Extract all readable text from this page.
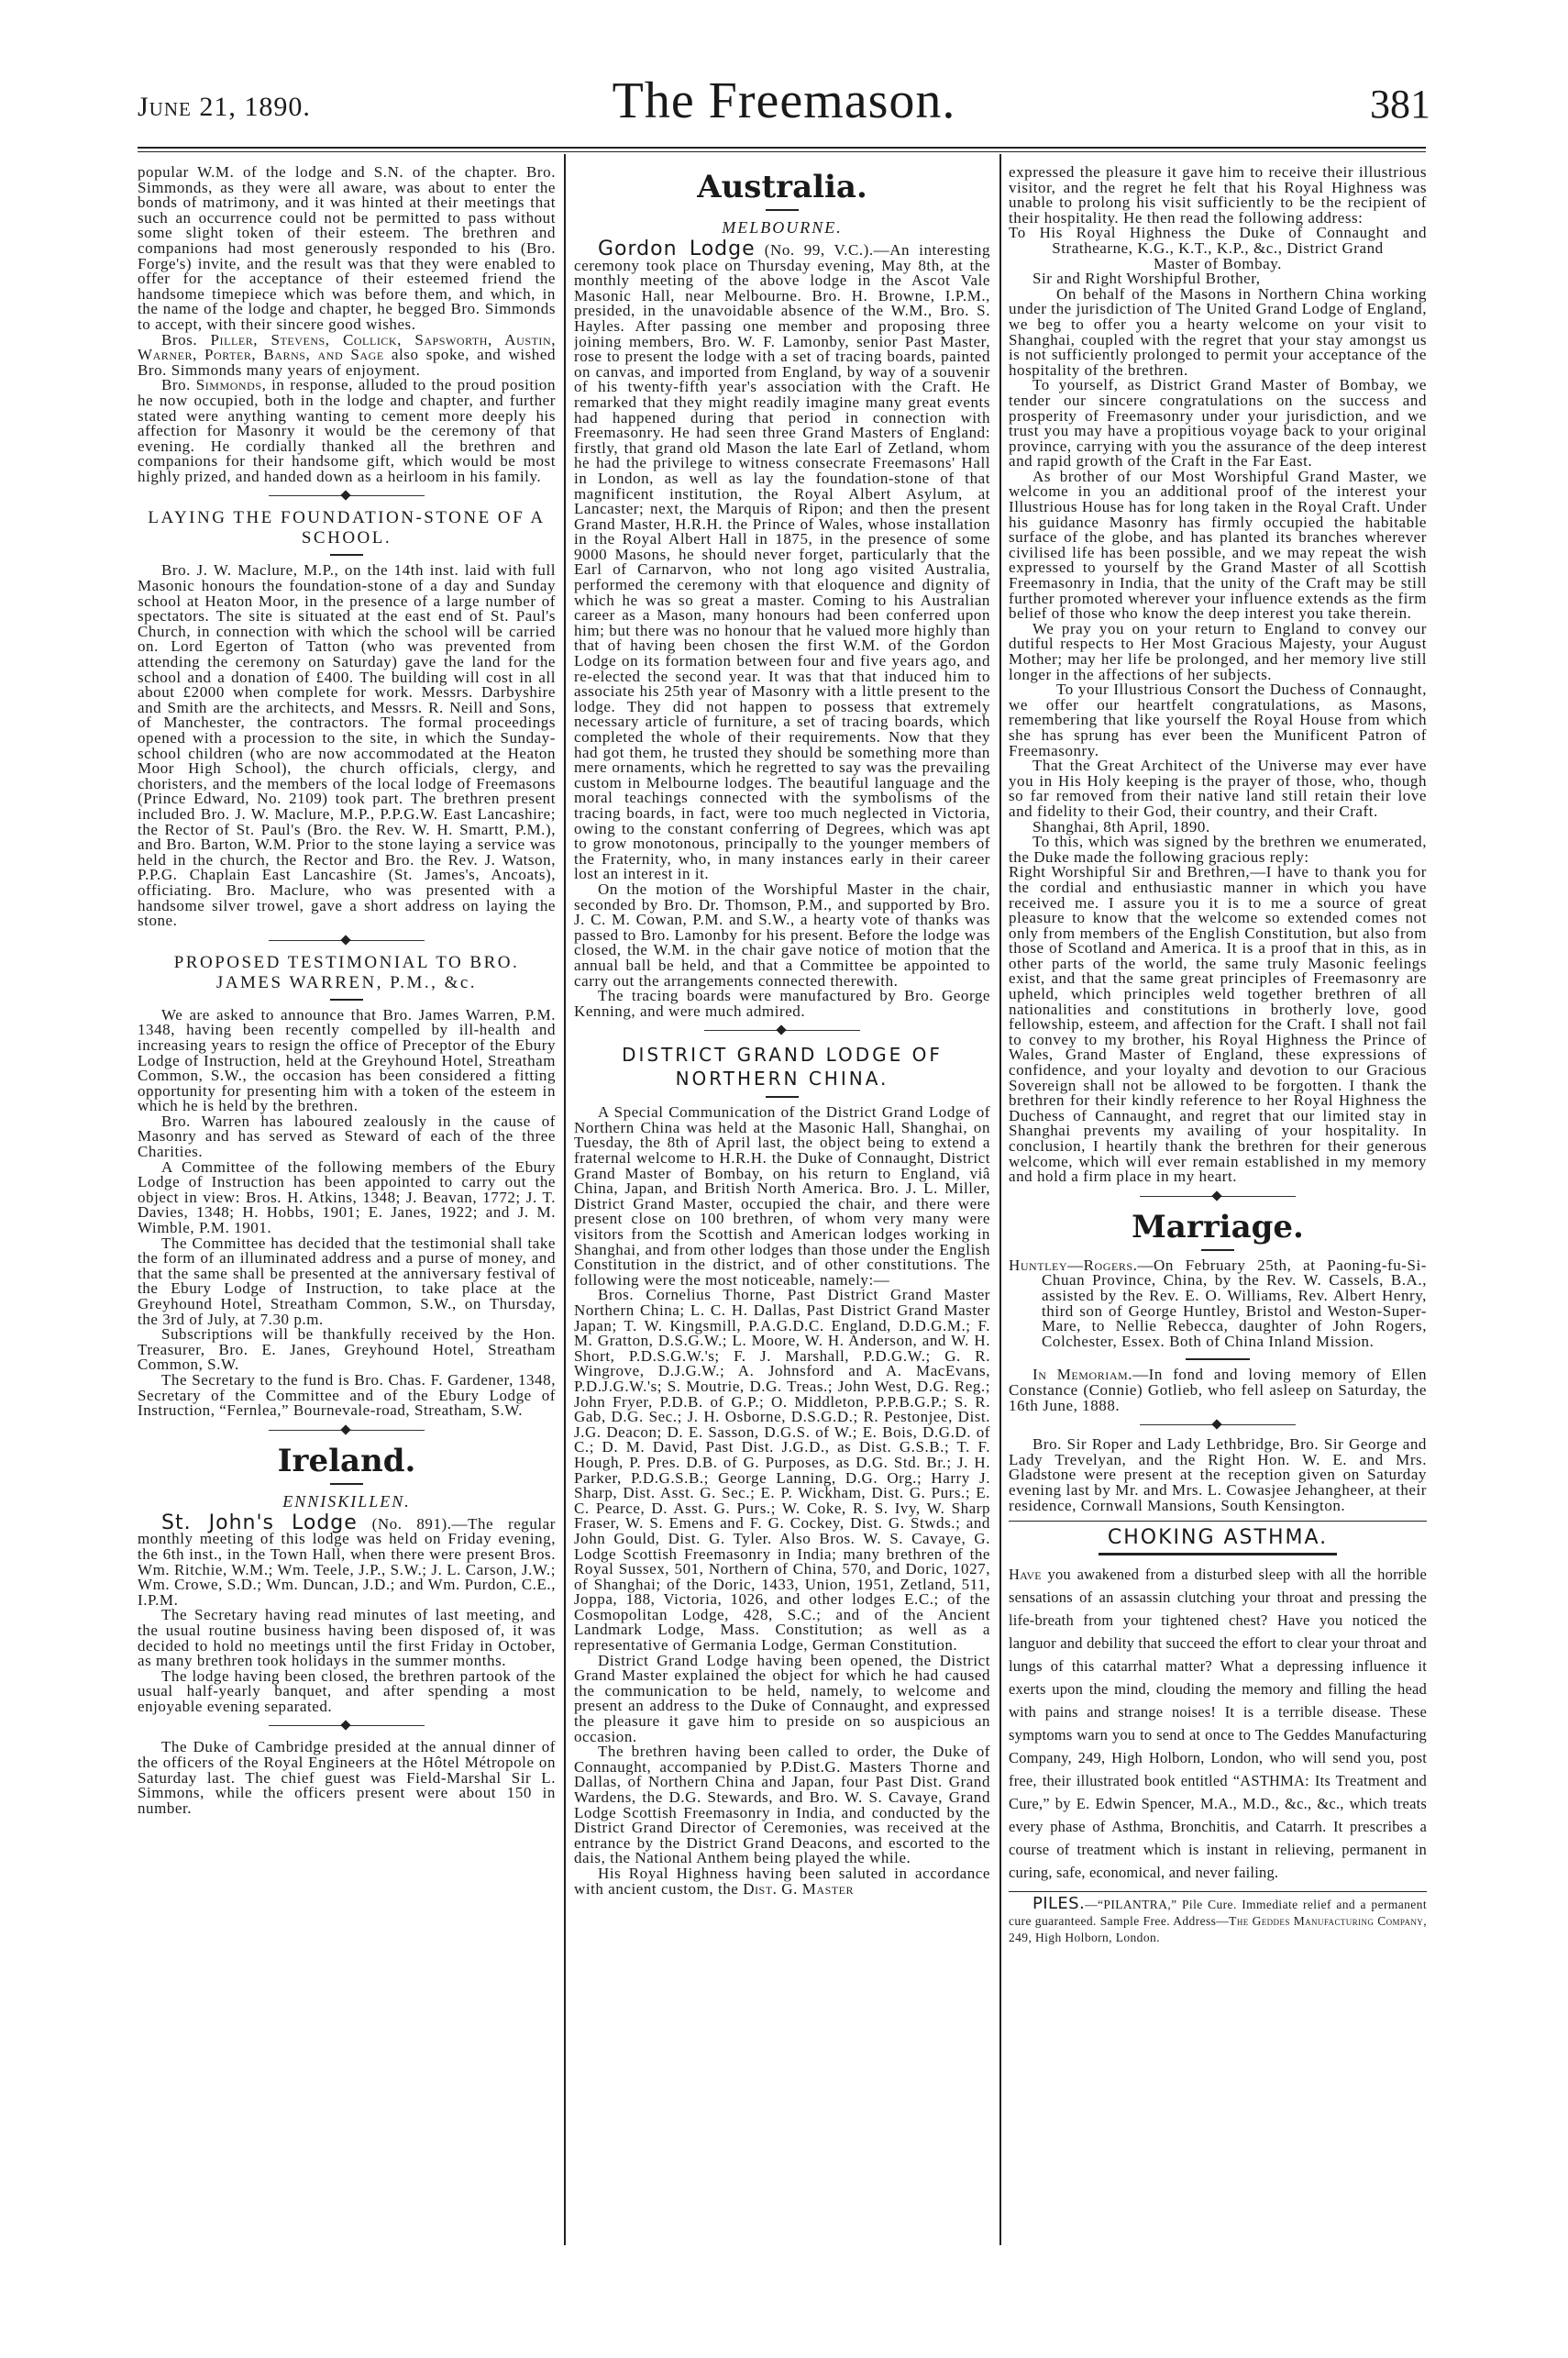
June 21, 1890.	The Freemason.	381

popular W.M. of the lodge and S.N. of the chapter. Bro. Simmonds, as they were all aware, was about to enter the bonds of matrimony, and it was hinted at their meetings that such an occurrence could not be permitted to pass without some slight token of their esteem. The brethren and companions had most generously responded to his (Bro. Forge's) invite, and the result was that they were enabled to offer for the acceptance of their esteemed friend the handsome timepiece which was before them, and which, in the name of the lodge and chapter, he begged Bro. Simmonds to accept, with their sincere good wishes.

Bros. Piller, Stevens, Collick, Sapsworth, Austin, Warner, Porter, Barns, and Sage also spoke, and wished Bro. Simmonds many years of enjoyment.

Bro. Simmonds, in response, alluded to the proud position he now occupied, both in the lodge and chapter, and further stated were anything wanting to cement more deeply his affection for Masonry it would be the ceremony of that evening. He cordially thanked all the brethren and companions for their handsome gift, which would be most highly prized, and handed down as a heirloom in his family.

LAYING THE FOUNDATION-STONE OF A SCHOOL.

Bro. J. W. Maclure, M.P., on the 14th inst. laid with full Masonic honours the foundation-stone of a day and Sunday school at Heaton Moor, in the presence of a large number of spectators. The site is situated at the east end of St. Paul's Church, in connection with which the school will be carried on. Lord Egerton of Tatton (who was prevented from attending the ceremony on Saturday) gave the land for the school and a donation of £400. The building will cost in all about £2000 when complete for work. Messrs. Darbyshire and Smith are the architects, and Messrs. R. Neill and Sons, of Manchester, the contractors. The formal proceedings opened with a procession to the site, in which the Sunday-school children (who are now accommodated at the Heaton Moor High School), the church officials, clergy, and choristers, and the members of the local lodge of Freemasons (Prince Edward, No. 2109) took part. The brethren present included Bro. J. W. Maclure, M.P., P.P.G.W. East Lancashire; the Rector of St. Paul's (Bro. the Rev. W. H. Smartt, P.M.), and Bro. Barton, W.M. Prior to the stone laying a service was held in the church, the Rector and Bro. the Rev. J. Watson, P.P.G. Chaplain East Lancashire (St. James's, Ancoats), officiating. Bro. Maclure, who was presented with a handsome silver trowel, gave a short address on laying the stone.

PROPOSED TESTIMONIAL TO BRO. JAMES WARREN, P.M., &c.

We are asked to announce that Bro. James Warren, P.M. 1348, having been recently compelled by ill-health and increasing years to resign the office of Preceptor of the Ebury Lodge of Instruction, held at the Greyhound Hotel, Streatham Common, S.W., the occasion has been considered a fitting opportunity for presenting him with a token of the esteem in which he is held by the brethren.

Bro. Warren has laboured zealously in the cause of Masonry and has served as Steward of each of the three Charities.

A Committee of the following members of the Ebury Lodge of Instruction has been appointed to carry out the object in view: Bros. H. Atkins, 1348; J. Beavan, 1772; J. T. Davies, 1348; H. Hobbs, 1901; E. Janes, 1922; and J. M. Wimble, P.M. 1901.

The Committee has decided that the testimonial shall take the form of an illuminated address and a purse of money, and that the same shall be presented at the anniversary festival of the Ebury Lodge of Instruction, to take place at the Greyhound Hotel, Streatham Common, S.W., on Thursday, the 3rd of July, at 7.30 p.m.

Subscriptions will be thankfully received by the Hon. Treasurer, Bro. E. Janes, Greyhound Hotel, Streatham Common, S.W.

The Secretary to the fund is Bro. Chas. F. Gardener, 1348, Secretary of the Committee and of the Ebury Lodge of Instruction, “Fernlea,” Bournevale-road, Streatham, S.W.

Ireland.
ENNISKILLEN.

St. John's Lodge (No. 891).—The regular monthly meeting of this lodge was held on Friday evening, the 6th inst., in the Town Hall, when there were present Bros. Wm. Ritchie, W.M.; Wm. Teele, J.P., S.W.; J. L. Carson, J.W.; Wm. Crowe, S.D.; Wm. Duncan, J.D.; and Wm. Purdon, C.E., I.P.M.

The Secretary having read minutes of last meeting, and the usual routine business having been disposed of, it was decided to hold no meetings until the first Friday in October, as many brethren took holidays in the summer months.

The lodge having been closed, the brethren partook of the usual half-yearly banquet, and after spending a most enjoyable evening separated.

The Duke of Cambridge presided at the annual dinner of the officers of the Royal Engineers at the Hôtel Métropole on Saturday last. The chief guest was Field-Marshal Sir L. Simmons, while the officers present were about 150 in number.

Australia.
MELBOURNE.

Gordon Lodge (No. 99, V.C.).—An interesting ceremony took place on Thursday evening, May 8th, at the monthly meeting of the above lodge in the Ascot Vale Masonic Hall, near Melbourne. Bro. H. Browne, I.P.M., presided, in the unavoidable absence of the W.M., Bro. S. Hayles. After passing one member and proposing three joining members, Bro. W. F. Lamonby, senior Past Master, rose to present the lodge with a set of tracing boards, painted on canvas, and imported from England, by way of a souvenir of his twenty-fifth year's association with the Craft. He remarked that they might readily imagine many great events had happened during that period in connection with Freemasonry. He had seen three Grand Masters of England: firstly, that grand old Mason the late Earl of Zetland, whom he had the privilege to witness consecrate Freemasons' Hall in London, as well as lay the foundation-stone of that magnificent institution, the Royal Albert Asylum, at Lancaster; next, the Marquis of Ripon; and then the present Grand Master, H.R.H. the Prince of Wales, whose installation in the Royal Albert Hall in 1875, in the presence of some 9000 Masons, he should never forget, particularly that the Earl of Carnarvon, who not long ago visited Australia, performed the ceremony with that eloquence and dignity of which he was so great a master. Coming to his Australian career as a Mason, many honours had been conferred upon him; but there was no honour that he valued more highly than that of having been chosen the first W.M. of the Gordon Lodge on its formation between four and five years ago, and re-elected the second year. It was that that induced him to associate his 25th year of Masonry with a little present to the lodge. They did not happen to possess that extremely necessary article of furniture, a set of tracing boards, which completed the whole of their requirements. Now that they had got them, he trusted they should be something more than mere ornaments, which he regretted to say was the prevailing custom in Melbourne lodges. The beautiful language and the moral teachings connected with the symbolisms of the tracing boards, in fact, were too much neglected in Victoria, owing to the constant conferring of Degrees, which was apt to grow monotonous, principally to the younger members of the Fraternity, who, in many instances early in their career lost an interest in it.

On the motion of the Worshipful Master in the chair, seconded by Bro. Dr. Thomson, P.M., and supported by Bro. J. C. M. Cowan, P.M. and S.W., a hearty vote of thanks was passed to Bro. Lamonby for his present. Before the lodge was closed, the W.M. in the chair gave notice of motion that the annual ball be held, and that a Committee be appointed to carry out the arrangements connected therewith.

The tracing boards were manufactured by Bro. George Kenning, and were much admired.

DISTRICT GRAND LODGE OF NORTHERN CHINA.

A Special Communication of the District Grand Lodge of Northern China was held at the Masonic Hall, Shanghai, on Tuesday, the 8th of April last, the object being to extend a fraternal welcome to H.R.H. the Duke of Connaught, District Grand Master of Bombay, on his return to England, viâ China, Japan, and British North America. Bro. J. L. Miller, District Grand Master, occupied the chair, and there were present close on 100 brethren, of whom very many were visitors from the Scottish and American lodges working in Shanghai, and from other lodges than those under the English Constitution in the district, and of other constitutions. The following were the most noticeable, namely:—

Bros. Cornelius Thorne, Past District Grand Master Northern China; L. C. H. Dallas, Past District Grand Master Japan; T. W. Kingsmill, P.A.G.D.C. England, D.D.G.M.; F. M. Gratton, D.S.G.W.; L. Moore, W. H. Anderson, and W. H. Short, P.D.S.G.W.'s; F. J. Marshall, P.D.G.W.; G. R. Wingrove, D.J.G.W.; A. Johnsford and A. MacEvans, P.D.J.G.W.'s; S. Moutrie, D.G. Treas.; John West, D.G. Reg.; John Fryer, P.D.B. of G.P.; O. Middleton, P.P.B.G.P.; S. R. Gab, D.G. Sec.; J. H. Osborne, D.S.G.D.; R. Pestonjee, Dist. J.G. Deacon; D. E. Sasson, D.G.S. of W.; E. Bois, D.G.D. of C.; D. M. David, Past Dist. J.G.D., as Dist. G.S.B.; T. F. Hough, P. Pres. D.B. of G. Purposes, as D.G. Std. Br.; J. H. Parker, P.D.G.S.B.; George Lanning, D.G. Org.; Harry J. Sharp, Dist. Asst. G. Sec.; E. P. Wickham, Dist. G. Purs.; E. C. Pearce, D. Asst. G. Purs.; W. Coke, R. S. Ivy, W. Sharp Fraser, W. S. Emens and F. G. Cockey, Dist. G. Stwds.; and John Gould, Dist. G. Tyler. Also Bros. W. S. Cavaye, G. Lodge Scottish Freemasonry in India; many brethren of the Royal Sussex, 501, Northern of China, 570, and Doric, 1027, of Shanghai; of the Doric, 1433, Union, 1951, Zetland, 511, Joppa, 188, Victoria, 1026, and other lodges E.C.; of the Cosmopolitan Lodge, 428, S.C.; and of the Ancient Landmark Lodge, Mass. Constitution; as well as a representative of Germania Lodge, German Constitution.

District Grand Lodge having been opened, the District Grand Master explained the object for which he had caused the communication to be held, namely, to welcome and present an address to the Duke of Connaught, and expressed the pleasure it gave him to preside on so auspicious an occasion.

The brethren having been called to order, the Duke of Connaught, accompanied by P.Dist.G. Masters Thorne and Dallas, of Northern China and Japan, four Past Dist. Grand Wardens, the D.G. Stewards, and Bro. W. S. Cavaye, Grand Lodge Scottish Freemasonry in India, and conducted by the District Grand Director of Ceremonies, was received at the entrance by the District Grand Deacons, and escorted to the dais, the National Anthem being played the while.

His Royal Highness having been saluted in accordance with ancient custom, the Dist. G. Master

expressed the pleasure it gave him to receive their illustrious visitor, and the regret he felt that his Royal Highness was unable to prolong his visit sufficiently to be the recipient of their hospitality. He then read the following address:

To His Royal Highness the Duke of Connaught and

Strathearne, K.G., K.T., K.P., &c., District Grand

Master of Bombay.

Sir and Right Worshipful Brother,

On behalf of the Masons in Northern China working under the jurisdiction of The United Grand Lodge of England, we beg to offer you a hearty welcome on your visit to Shanghai, coupled with the regret that your stay amongst us is not sufficiently prolonged to permit your acceptance of the hospitality of the brethren.

To yourself, as District Grand Master of Bombay, we tender our sincere congratulations on the success and prosperity of Freemasonry under your jurisdiction, and we trust you may have a propitious voyage back to your original province, carrying with you the assurance of the deep interest and rapid growth of the Craft in the Far East.

As brother of our Most Worshipful Grand Master, we welcome in you an additional proof of the interest your Illustrious House has for long taken in the Royal Craft. Under his guidance Masonry has firmly occupied the habitable surface of the globe, and has planted its branches wherever civilised life has been possible, and we may repeat the wish expressed to yourself by the Grand Master of all Scottish Freemasonry in India, that the unity of the Craft may be still further promoted wherever your influence extends as the firm belief of those who know the deep interest you take therein.

We pray you on your return to England to convey our dutiful respects to Her Most Gracious Majesty, your August Mother; may her life be prolonged, and her memory live still longer in the affections of her subjects.

To your Illustrious Consort the Duchess of Connaught, we offer our heartfelt congratulations, as Masons, remembering that like yourself the Royal House from which she has sprung has ever been the Munificent Patron of Freemasonry.

That the Great Architect of the Universe may ever have you in His Holy keeping is the prayer of those, who, though so far removed from their native land still retain their love and fidelity to their God, their country, and their Craft.

Shanghai, 8th April, 1890.

To this, which was signed by the brethren we enumerated, the Duke made the following gracious reply:

Right Worshipful Sir and Brethren,—I have to thank you for the cordial and enthusiastic manner in which you have received me. I assure you it is to me a source of great pleasure to know that the welcome so extended comes not only from members of the English Constitution, but also from those of Scotland and America. It is a proof that in this, as in other parts of the world, the same truly Masonic feelings exist, and that the same great principles of Freemasonry are upheld, which principles weld together brethren of all nationalities and constitutions in brotherly love, good fellowship, esteem, and affection for the Craft. I shall not fail to convey to my brother, his Royal Highness the Prince of Wales, Grand Master of England, these expressions of confidence, and your loyalty and devotion to our Gracious Sovereign shall not be allowed to be forgotten. I thank the brethren for their kindly reference to her Royal Highness the Duchess of Cannaught, and regret that our limited stay in Shanghai prevents my availing of your hospitality. In conclusion, I heartily thank the brethren for their generous welcome, which will ever remain established in my memory and hold a firm place in my heart.

Marriage.

Huntley—Rogers.—On February 25th, at Paoning-fu-Si-Chuan Province, China, by the Rev. W. Cassels, B.A., assisted by the Rev. E. O. Williams, Rev. Albert Henry, third son of George Huntley, Bristol and Weston-Super-Mare, to Nellie Rebecca, daughter of John Rogers, Colchester, Essex. Both of China Inland Mission.

In Memoriam.—In fond and loving memory of Ellen Constance (Connie) Gotlieb, who fell asleep on Saturday, the 16th June, 1888.

Bro. Sir Roper and Lady Lethbridge, Bro. Sir George and Lady Trevelyan, and the Right Hon. W. E. and Mrs. Gladstone were present at the reception given on Saturday evening last by Mr. and Mrs. L. Cowasjee Jehangheer, at their residence, Cornwall Mansions, South Kensington.

CHOKING ASTHMA.

Have you awakened from a disturbed sleep with all the horrible sensations of an assassin clutching your throat and pressing the life-breath from your tightened chest? Have you noticed the languor and debility that succeed the effort to clear your throat and lungs of this catarrhal matter? What a depressing influence it exerts upon the mind, clouding the memory and filling the head with pains and strange noises! It is a terrible disease. These symptoms warn you to send at once to The Geddes Manufacturing Company, 249, High Holborn, London, who will send you, post free, their illustrated book entitled “ASTHMA: Its Treatment and Cure,” by E. Edwin Spencer, M.A., M.D., &c., &c., which treats every phase of Asthma, Bronchitis, and Catarrh. It prescribes a course of treatment which is instant in relieving, permanent in curing, safe, economical, and never failing.

PILES.—“PILANTRA,” Pile Cure. Immediate relief and a permanent cure guaranteed. Sample Free. Address—The Geddes Manufacturing Company, 249, High Holborn, London.
